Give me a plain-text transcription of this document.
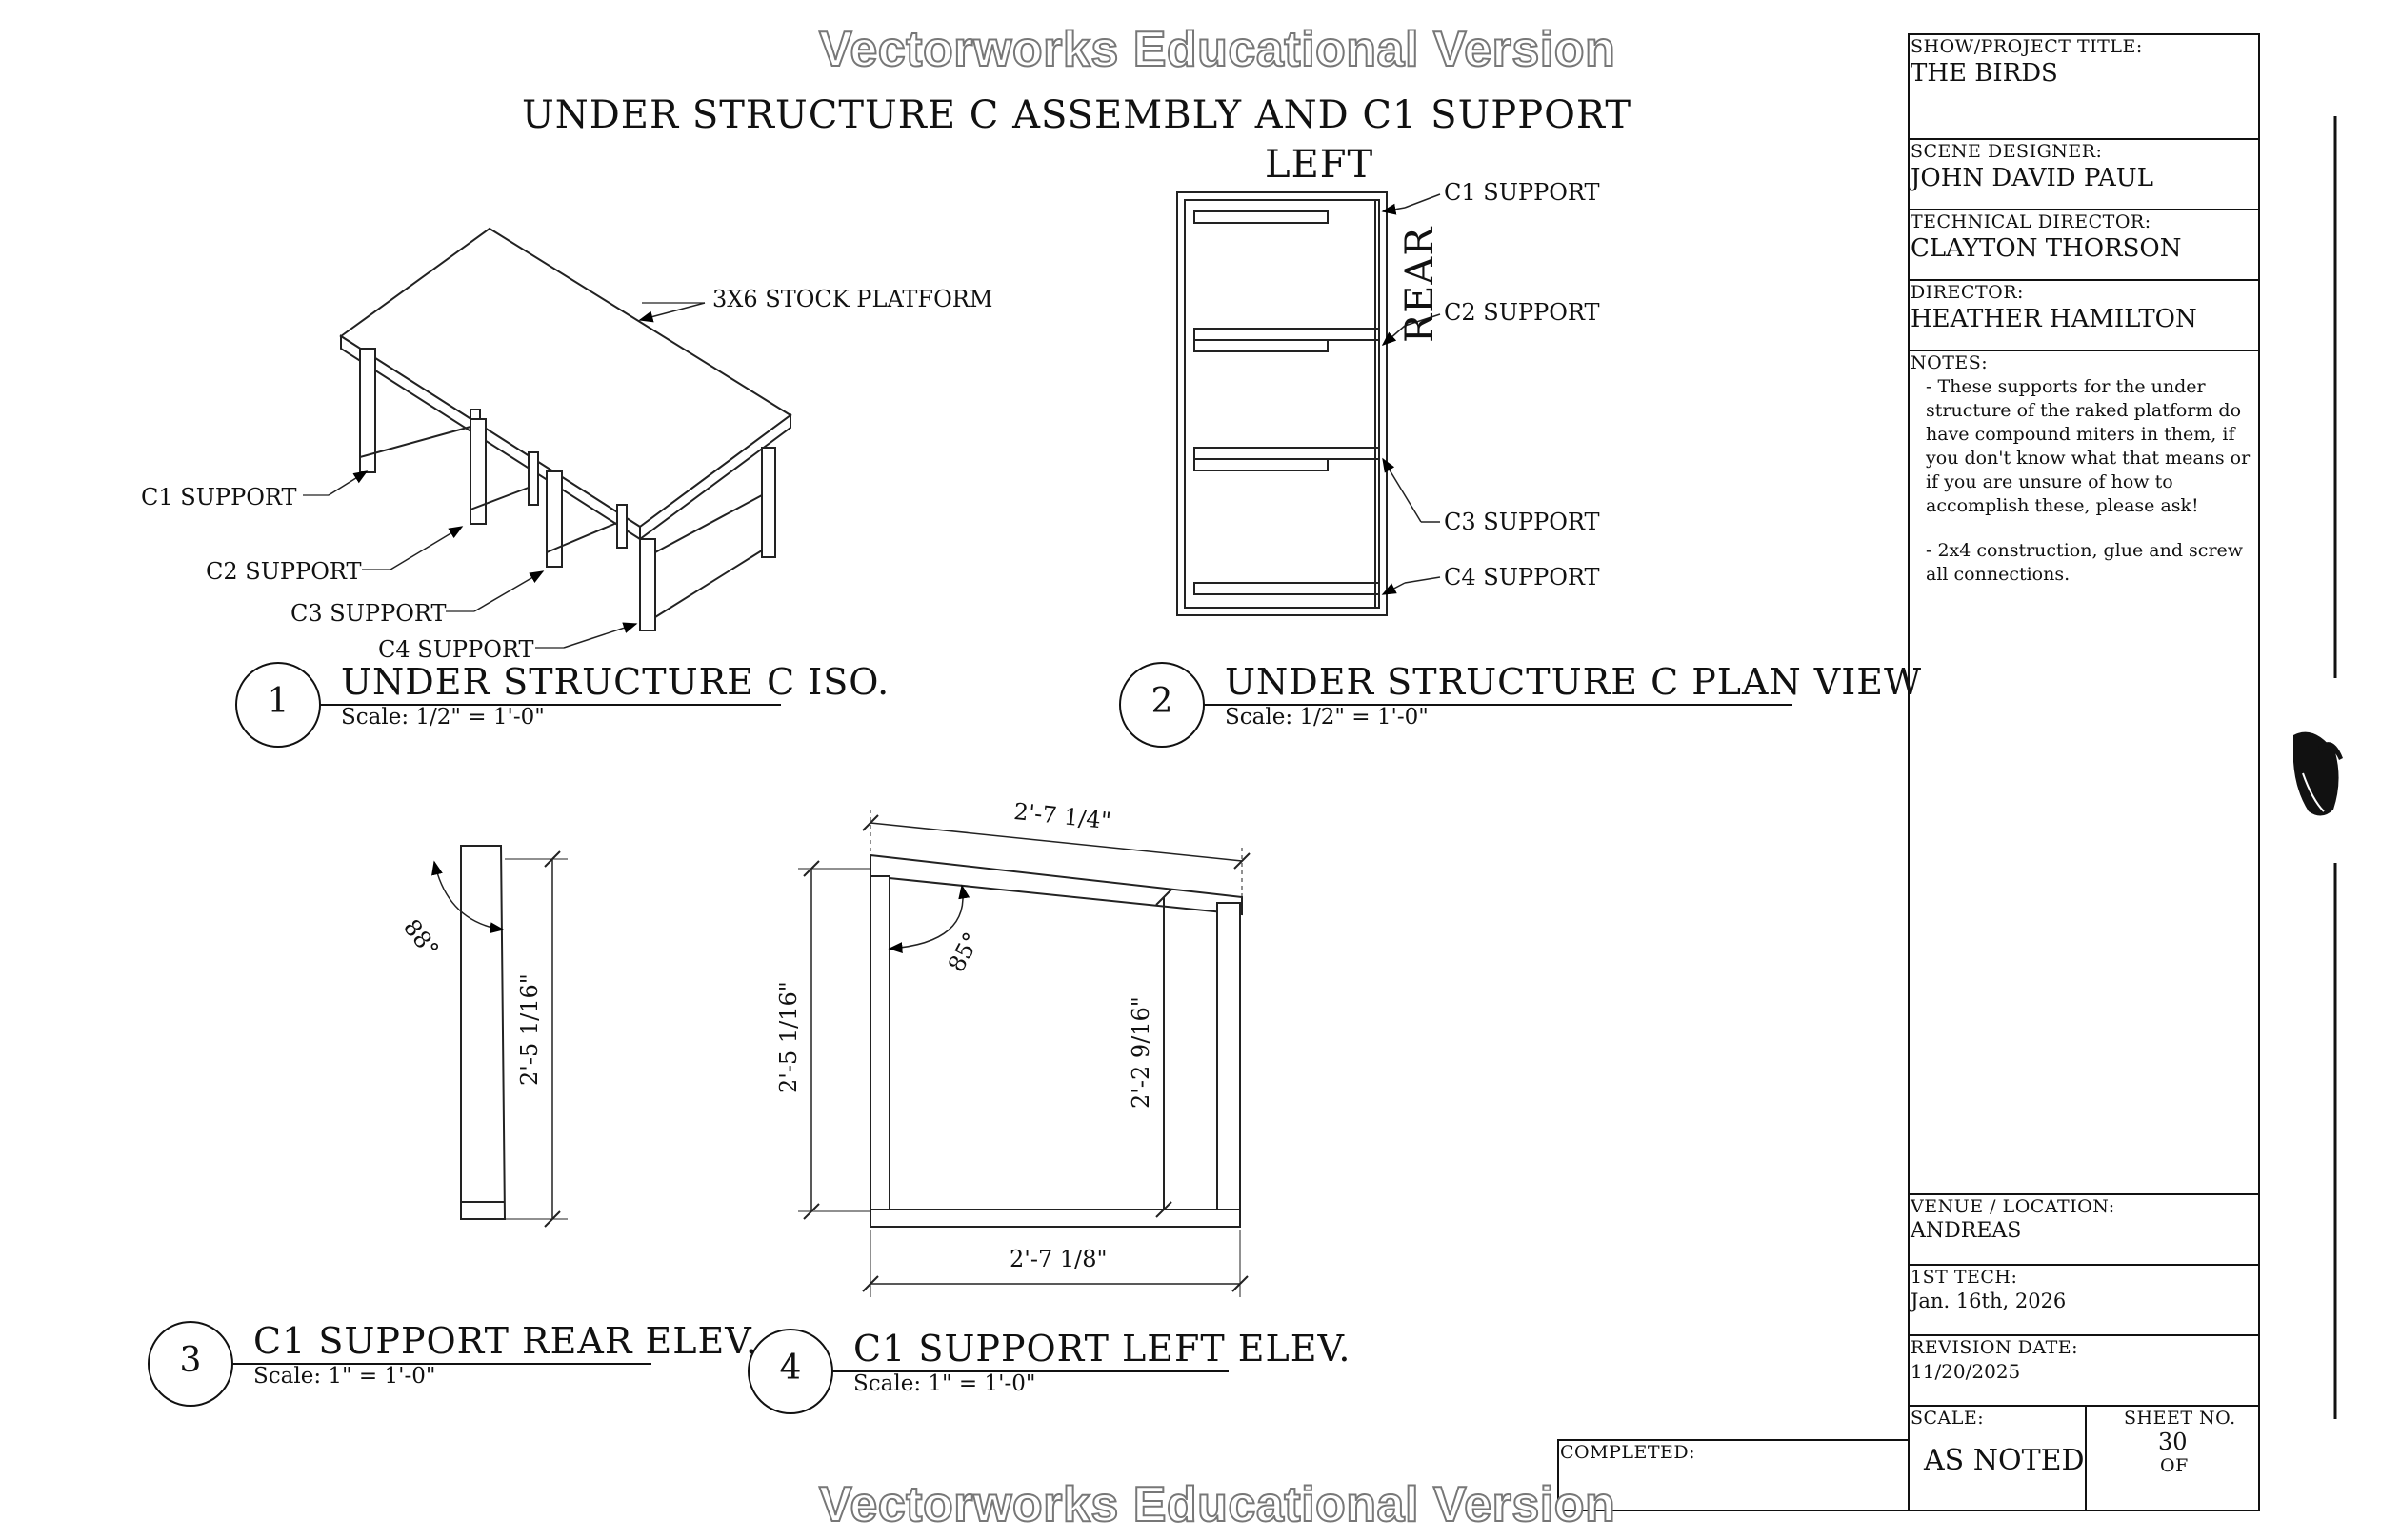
Vectorworks Educational Version
Vectorworks Educational Version
UNDER STRUCTURE C ASSEMBLY AND C1 SUPPORT
3X6 STOCK PLATFORM
C1 SUPPORT
C2 SUPPORT
C3 SUPPORT
C4 SUPPORT
LEFT
REAR
C1 SUPPORT
C2 SUPPORT
C3 SUPPORT
C4 SUPPORT
88°
2'-5 1/16"
2'-7 1/4"
85°
2'-5 1/16"	2'-2 9/16"
2'-7 1/8"
1	UNDER STRUCTURE C ISO.
Scale: 1/2" = 1'-0"	2	UNDER STRUCTURE C PLAN VIEW
Scale: 1/2" = 1'-0"
3	C1 SUPPORT REAR ELEV.
Scale: 1" = 1'-0"	4	C1 SUPPORT LEFT ELEV.
Scale: 1" = 1'-0"
SHOW/PROJECT TITLE:
THE BIRDS
SCENE DESIGNER:
JOHN DAVID PAUL
TECHNICAL DIRECTOR:
CLAYTON THORSON
DIRECTOR:
HEATHER HAMILTON
NOTES:
- These supports for the under
structure of the raked platform do
have compound miters in them, if
you don't know what that means or
if you are unsure of how to
accomplish these, please ask!
- 2x4 construction, glue and screw
all connections.
VENUE / LOCATION:
ANDREAS
1ST TECH:
Jan. 16th, 2026
REVISION DATE:
11/20/2025
SCALE:
AS NOTED
SHEET NO.
30
OF
COMPLETED:
